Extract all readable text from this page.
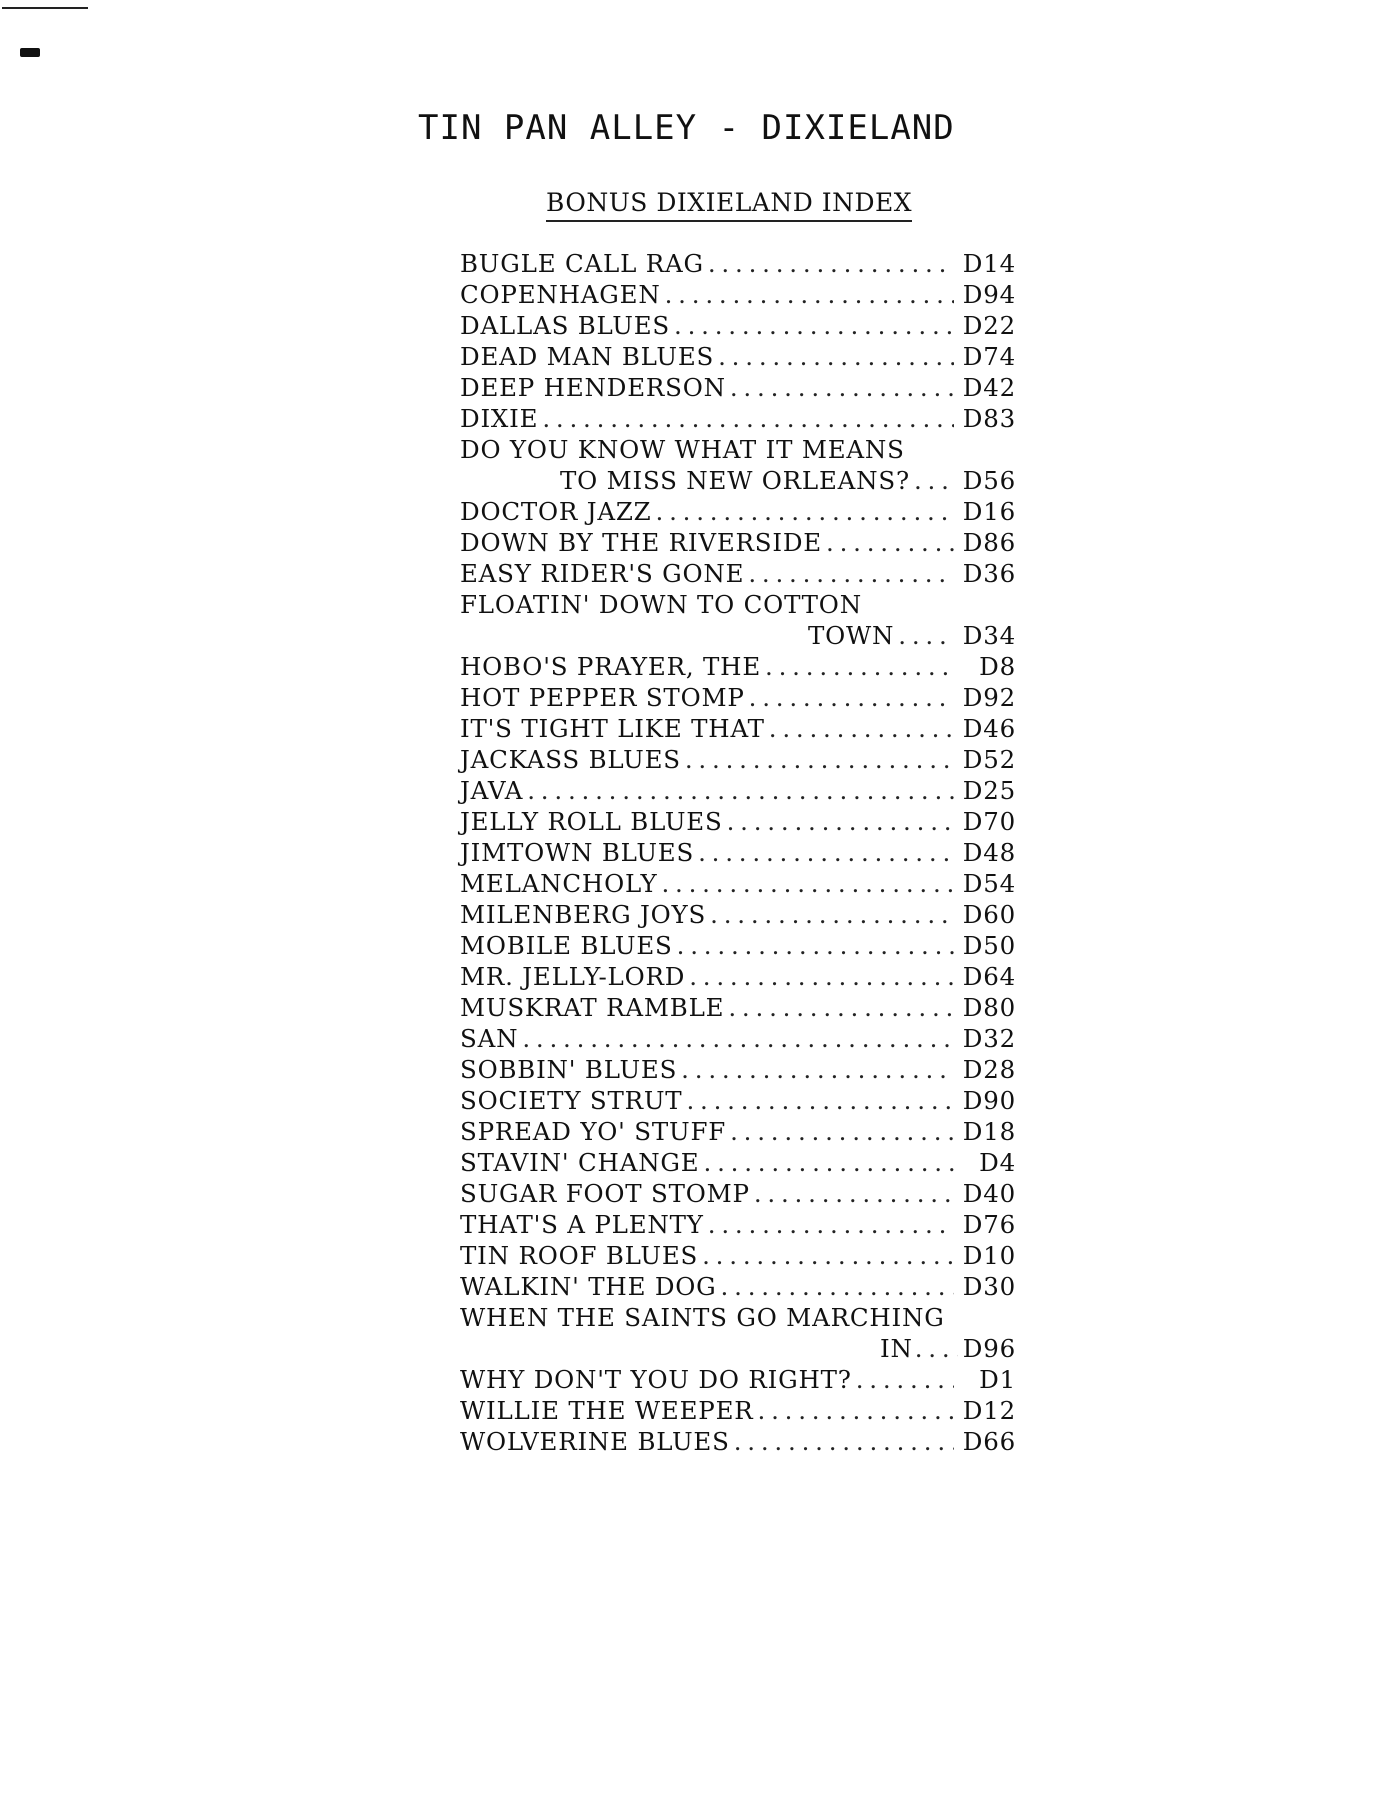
TIN PAN ALLEY - DIXIELAND
BONUS DIXIELAND INDEX
BUGLE CALL RAG . . .	D14
COPENHAGEN . . .	D94
DALLAS BLUES . . .	D22
DEAD MAN BLUES . . .	D74
DEEP HENDERSON . . .	D42
DIXIE . . .	D83
DO YOU KNOW WHAT IT MEANS
TO MISS NEW ORLEANS? . . . D56
DOCTOR JAZZ . . .	D16
DOWN BY THE RIVERSIDE . . .	D86
EASY RIDER'S GONE . . .	D36
FLOATIN' DOWN TO COTTON
TOWN . . .	D34
HOBO'S PRAYER, THE . . .	D8
HOT PEPPER STOMP . . .	D92
IT'S TIGHT LIKE THAT . . .	D46
JACKASS BLUES . . .	D52
JAVA . . .	D25
JELLY ROLL BLUES . . .	D70
JIMTOWN BLUES . . .	D48
MELANCHOLY . . .	D54
MILENBERG JOYS . . .	D60
MOBILE BLUES . . .	D50
MR. JELLY-LORD . . .	D64
MUSKRAT RAMBLE . . .	D80
SAN . . .	D32
SOBBIN' BLUES . . .	D28
SOCIETY STRUT . . .	D90
SPREAD YO' STUFF . . .	D18
STAVIN' CHANGE . . .	D4
SUGAR FOOT STOMP . . .	D40
THAT'S A PLENTY . . .	D76
TIN ROOF BLUES . . .	D10
WALKIN' THE DOG . . .	D30
WHEN THE SAINTS GO MARCHING
IN . . . D96
WHY DON'T YOU DO RIGHT? . . .	D1
WILLIE THE WEEPER . . .	D12
WOLVERINE BLUES . . .	D66
